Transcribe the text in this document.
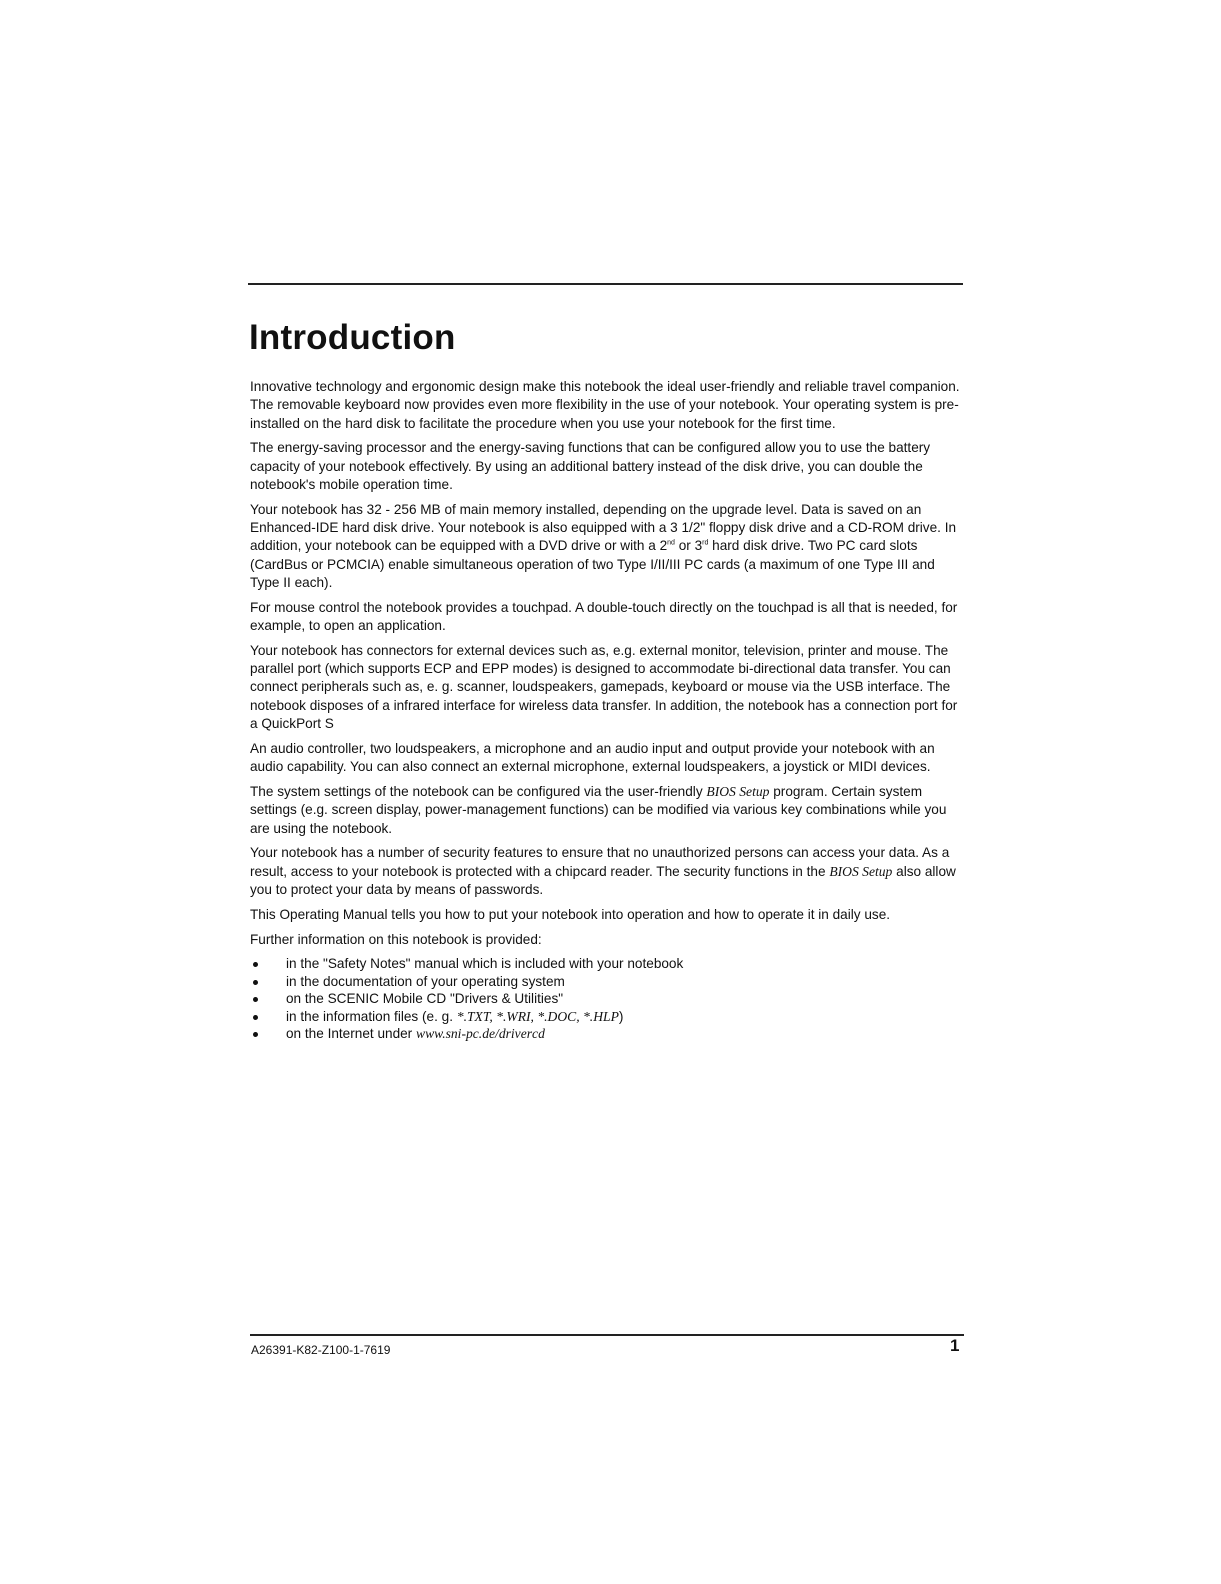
Introduction

Innovative technology and ergonomic design make this notebook the ideal user-friendly and reliable travel companion. The removable keyboard now provides even more flexibility in the use of your notebook. Your operating system is pre-installed on the hard disk to facilitate the procedure when you use your notebook for the first time.

The energy-saving processor and the energy-saving functions that can be configured allow you to use the battery capacity of your notebook effectively. By using an additional battery instead of the disk drive, you can double the notebook's mobile operation time.

Your notebook has 32 - 256 MB of main memory installed, depending on the upgrade level. Data is saved on an Enhanced-IDE hard disk drive. Your notebook is also equipped with a 3 1/2" floppy disk drive and a CD-ROM drive. In addition, your notebook can be equipped with a DVD drive or with a 2nd or 3rd hard disk drive. Two PC card slots (CardBus or PCMCIA) enable simultaneous operation of two Type I/II/III PC cards (a maximum of one Type III and Type II each).

For mouse control the notebook provides a touchpad. A double-touch directly on the touchpad is all that is needed, for example, to open an application.

Your notebook has connectors for external devices such as, e.g. external monitor, television, printer and mouse. The parallel port (which supports ECP and EPP modes) is designed to accommodate bi-directional data transfer. You can connect peripherals such as, e. g. scanner, loudspeakers, gamepads, keyboard or mouse via the USB interface. The notebook disposes of a infrared interface for wireless data transfer. In addition, the notebook has a connection port for a QuickPort S

An audio controller, two loudspeakers, a microphone and an audio input and output provide your notebook with an audio capability. You can also connect an external microphone, external loudspeakers, a joystick or MIDI devices.

The system settings of the notebook can be configured via the user-friendly BIOS Setup program. Certain system settings (e.g. screen display, power-management functions) can be modified via various key combinations while you are using the notebook.

Your notebook has a number of security features to ensure that no unauthorized persons can access your data. As a result, access to your notebook is protected with a chipcard reader. The security functions in the BIOS Setup also allow you to protect your data by means of passwords.

This Operating Manual tells you how to put your notebook into operation and how to operate it in daily use.

Further information on this notebook is provided:

in the "Safety Notes" manual which is included with your notebook
in the documentation of your operating system
on the SCENIC Mobile CD "Drivers & Utilities"
in the information files (e. g. *.TXT, *.WRI, *.DOC, *.HLP)
on the Internet under www.sni-pc.de/driverсd
A26391-K82-Z100-1-7619	1
